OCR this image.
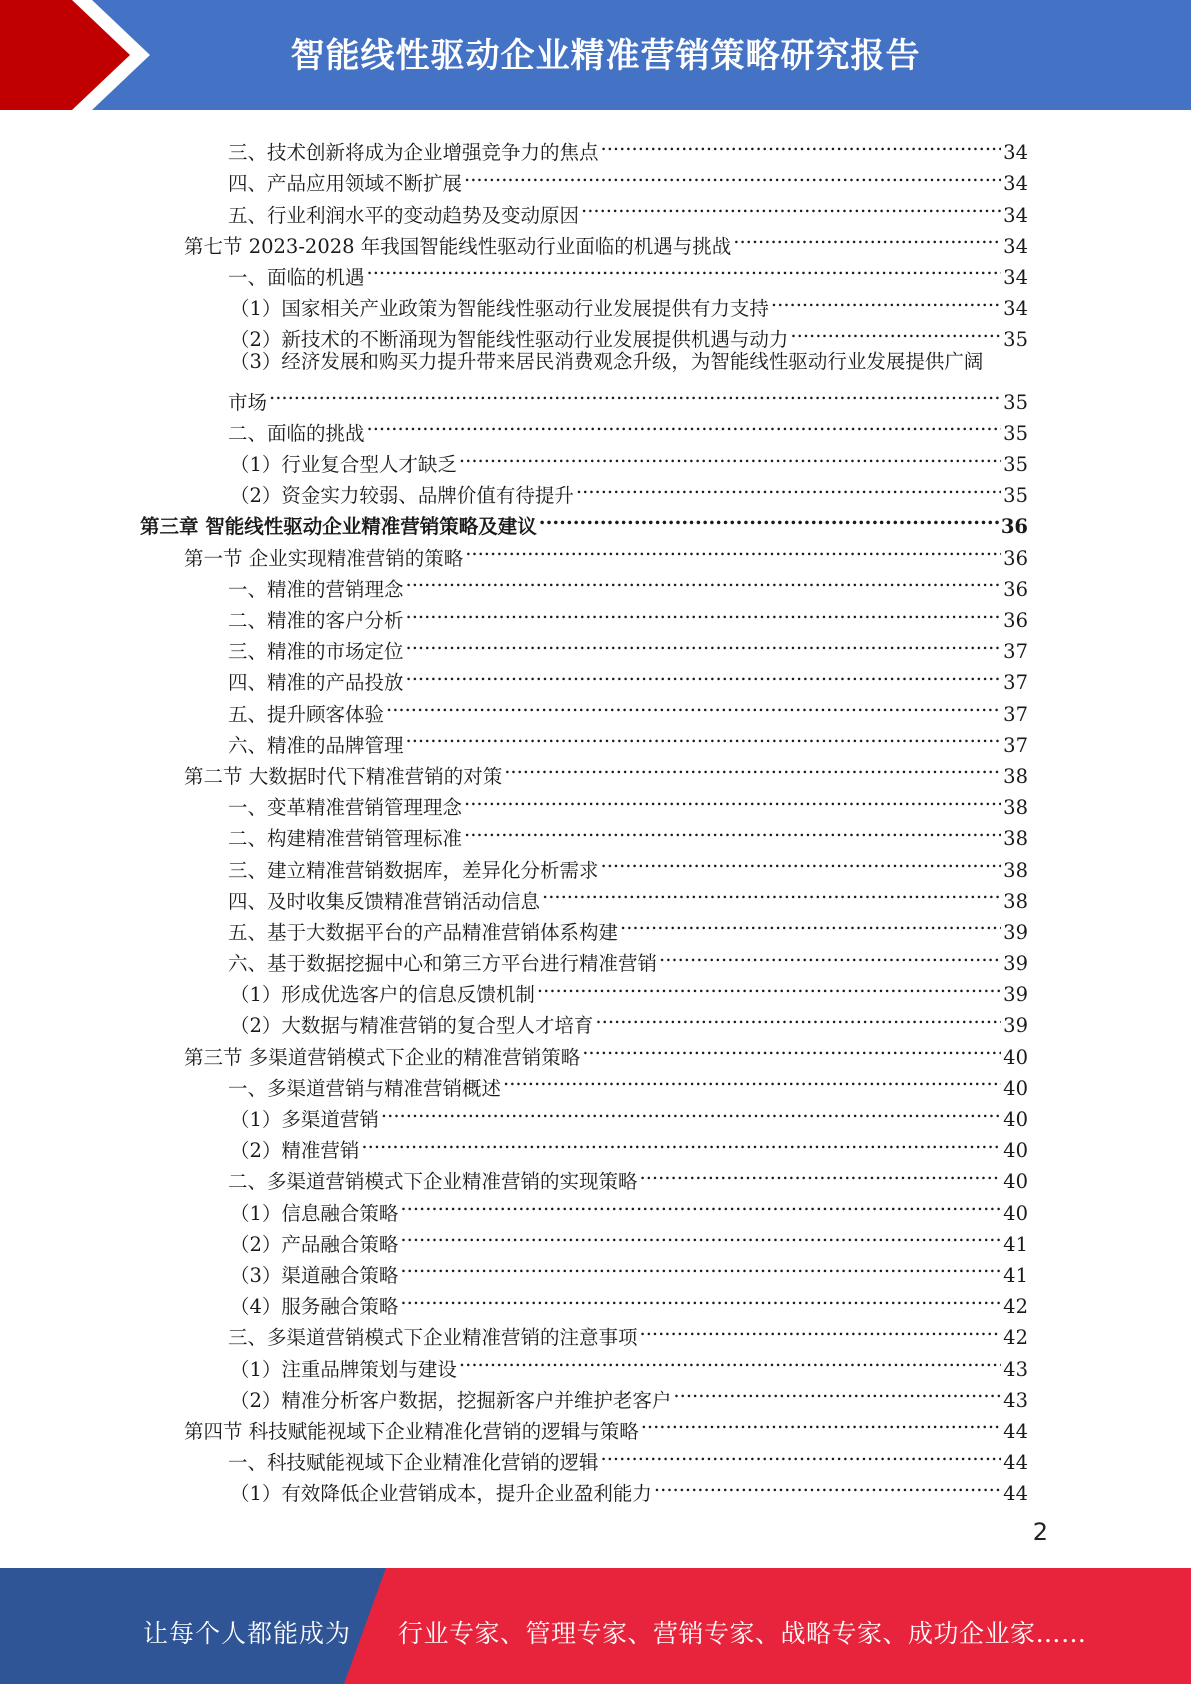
智能线性驱动企业精准营销策略研究报告
三、技术创新将成为企业增强竞争力的焦点 .....	34
四、产品应用领域不断扩展 .....	34
五、行业利润水平的变动趋势及变动原因 .....	34
第七节 2023-2028 年我国智能线性驱动行业面临的机遇与挑战 .....	34
一、面临的机遇 .....	34
（1）国家相关产业政策为智能线性驱动行业发展提供有力支持 .....	34
（2）新技术的不断涌现为智能线性驱动行业发展提供机遇与动力 .....	35
（3）经济发展和购买力提升带来居民消费观念升级，为智能线性驱动行业发展提供广阔
市场 .....	35
二、面临的挑战 .....	35
（1）行业复合型人才缺乏 .....	35
（2）资金实力较弱、品牌价值有待提升 .....	35
第三章 智能线性驱动企业精准营销策略及建议 .....	36
第一节 企业实现精准营销的策略 .....	36
一、精准的营销理念 .....	36
二、精准的客户分析 .....	36
三、精准的市场定位 .....	37
四、精准的产品投放 .....	37
五、提升顾客体验 .....	37
六、精准的品牌管理 .....	37
第二节 大数据时代下精准营销的对策 .....	38
一、变革精准营销管理理念 .....	38
二、构建精准营销管理标准 .....	38
三、建立精准营销数据库，差异化分析需求 .....	38
四、及时收集反馈精准营销活动信息 .....	38
五、基于大数据平台的产品精准营销体系构建 .....	39
六、基于数据挖掘中心和第三方平台进行精准营销 .....	39
（1）形成优选客户的信息反馈机制 .....	39
（2）大数据与精准营销的复合型人才培育 .....	39
第三节 多渠道营销模式下企业的精准营销策略 .....	40
一、多渠道营销与精准营销概述 .....	40
（1）多渠道营销 .....	40
（2）精准营销 .....	40
二、多渠道营销模式下企业精准营销的实现策略 .....	40
（1）信息融合策略 .....	40
（2）产品融合策略 .....	41
（3）渠道融合策略 .....	41
（4）服务融合策略 .....	42
三、多渠道营销模式下企业精准营销的注意事项 .....	42
（1）注重品牌策划与建设 .....	43
（2）精准分析客户数据，挖掘新客户并维护老客户 .....	43
第四节 科技赋能视域下企业精准化营销的逻辑与策略 .....	44
一、科技赋能视域下企业精准化营销的逻辑 .....	44
（1）有效降低企业营销成本，提升企业盈利能力 .....	44
2
让每个人都能成为 行业专家、管理专家、营销专家、战略专家、成功企业家……
